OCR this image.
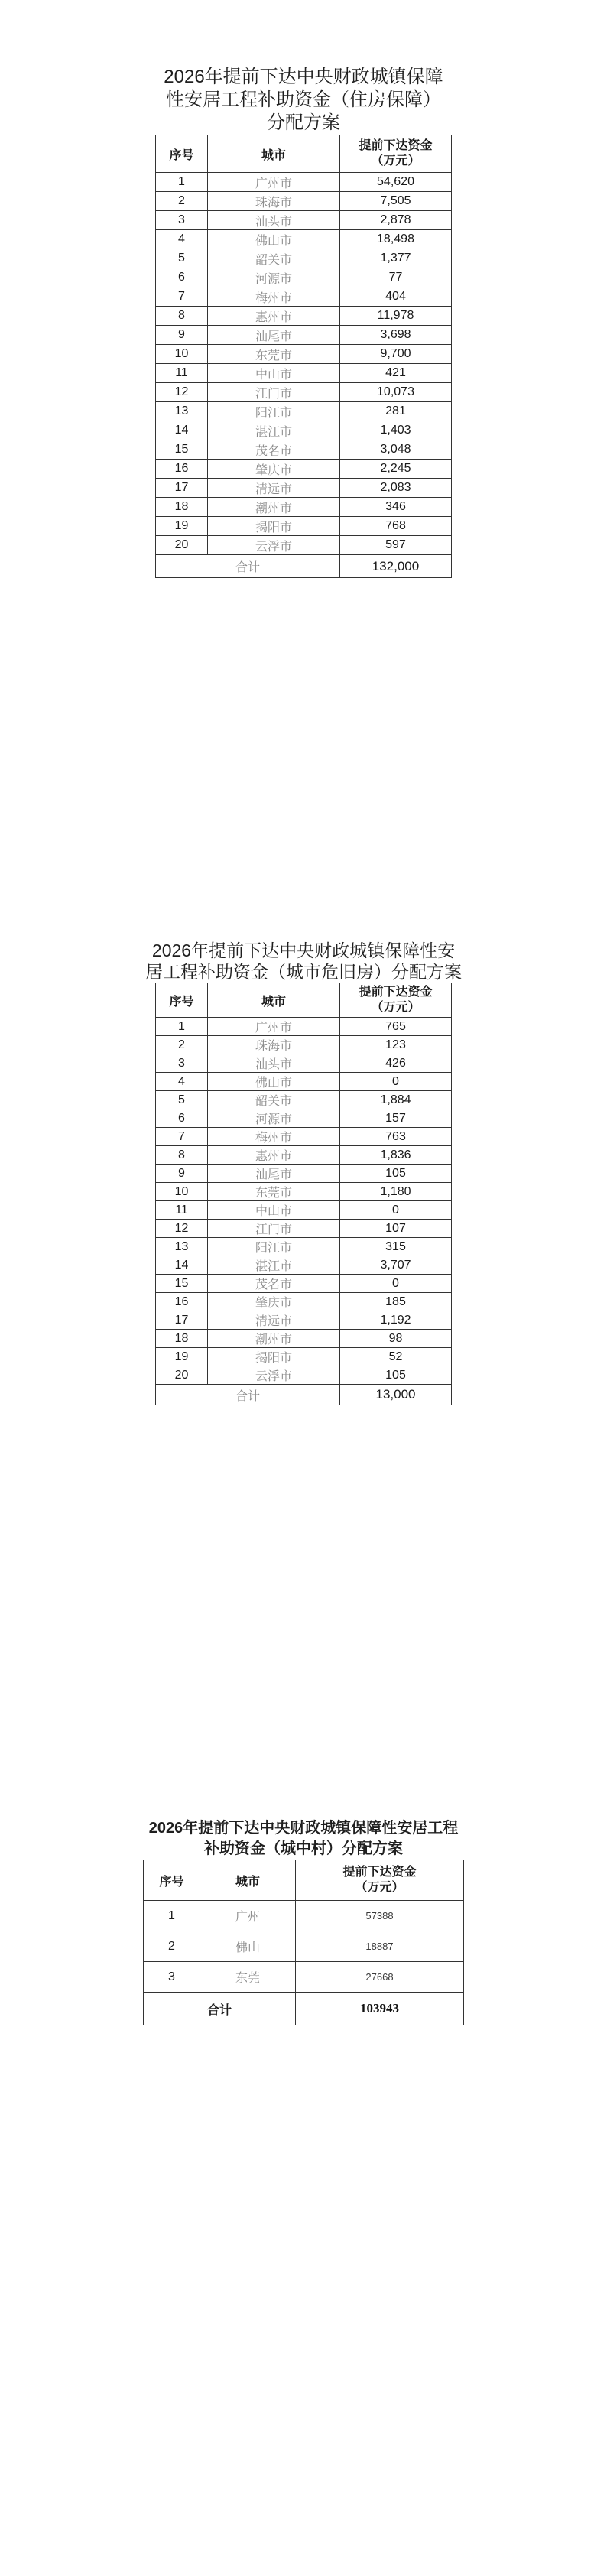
2026年提前下达中央财政城镇保障
性安居工程补助资金（住房保障）
分配方案
序号	城市	提前下达资金
（万元）

1	广州市	54,620
2	珠海市	7,505
3	汕头市	2,878
4	佛山市	18,498
5	韶关市	1,377
6	河源市	77
7	梅州市	404
8	惠州市	11,978
9	汕尾市	3,698
10	东莞市	9,700
11	中山市	421
12	江门市	10,073
13	阳江市	281
14	湛江市	1,403
15	茂名市	3,048
16	肇庆市	2,245
17	清远市	2,083
18	潮州市	346
19	揭阳市	768
20	云浮市	597
合计		132,000
2026年提前下达中央财政城镇保障性安
居工程补助资金（城市危旧房）分配方案
序号	城市	提前下达资金
（万元）

1	广州市	765
2	珠海市	123
3	汕头市	426
4	佛山市	0
5	韶关市	1,884
6	河源市	157
7	梅州市	763
8	惠州市	1,836
9	汕尾市	105
10	东莞市	1,180
11	中山市	0
12	江门市	107
13	阳江市	315
14	湛江市	3,707
15	茂名市	0
16	肇庆市	185
17	清远市	1,192
18	潮州市	98
19	揭阳市	52
20	云浮市	105
合计		13,000
2026年提前下达中央财政城镇保障性安居工程
补助资金（城中村）分配方案
序号	城市	提前下达资金
（万元）

1	广州	57388
2	佛山	18887
3	东莞	27668
合计		103943
